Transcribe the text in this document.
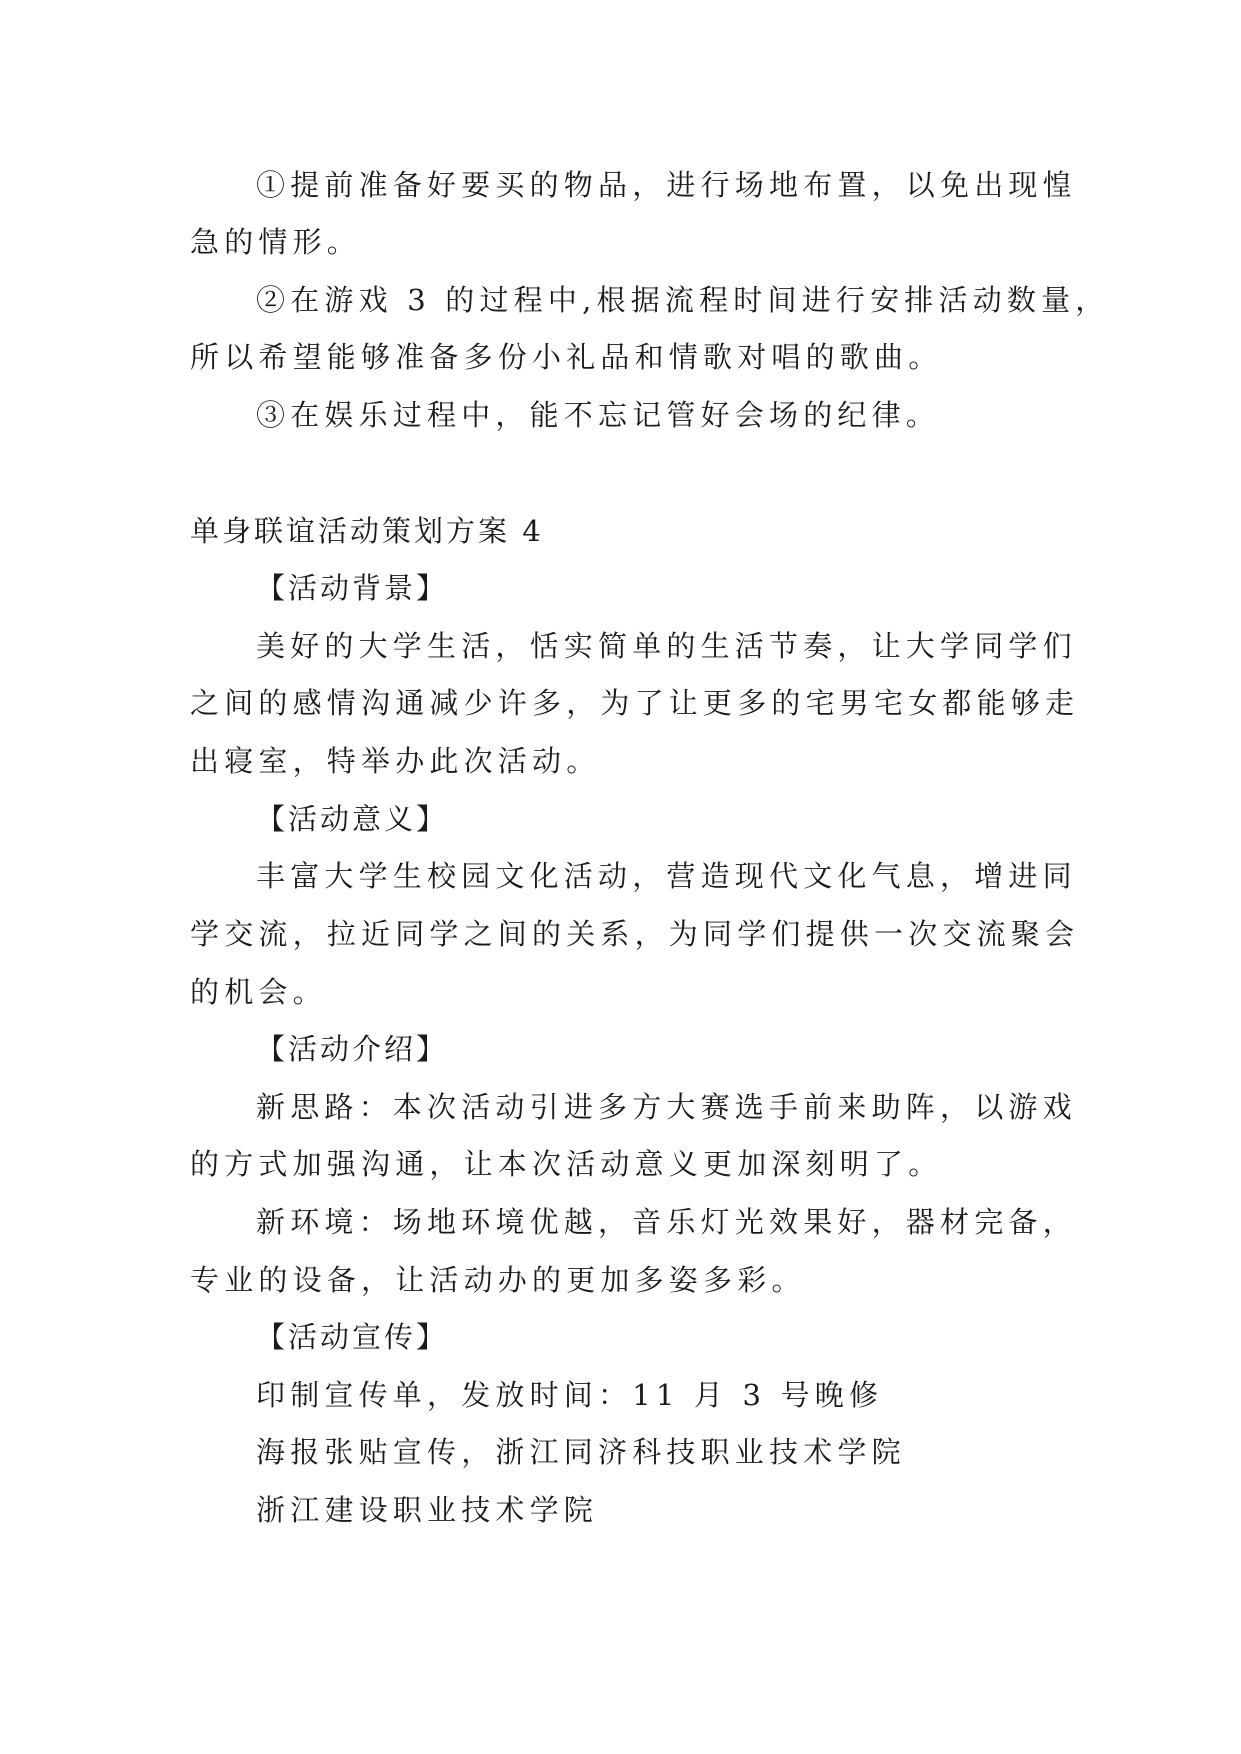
①提前准备好要买的物品，进行场地布置，以免出现惶
急的情形。
②在游戏 3 的过程中,根据流程时间进行安排活动数量，
所以希望能够准备多份小礼品和情歌对唱的歌曲。
③在娱乐过程中，能不忘记管好会场的纪律。
单身联谊活动策划方案 4
【活动背景】
美好的大学生活，恬实简单的生活节奏，让大学同学们
之间的感情沟通减少许多，为了让更多的宅男宅女都能够走
出寝室，特举办此次活动。
【活动意义】
丰富大学生校园文化活动，营造现代文化气息，增进同
学交流，拉近同学之间的关系，为同学们提供一次交流聚会
的机会。
【活动介绍】
新思路：本次活动引进多方大赛选手前来助阵，以游戏
的方式加强沟通，让本次活动意义更加深刻明了。
新环境：场地环境优越，音乐灯光效果好，器材完备，
专业的设备，让活动办的更加多姿多彩。
【活动宣传】
印制宣传单，发放时间：11 月 3 号晚修
海报张贴宣传，浙江同济科技职业技术学院
浙江建设职业技术学院
